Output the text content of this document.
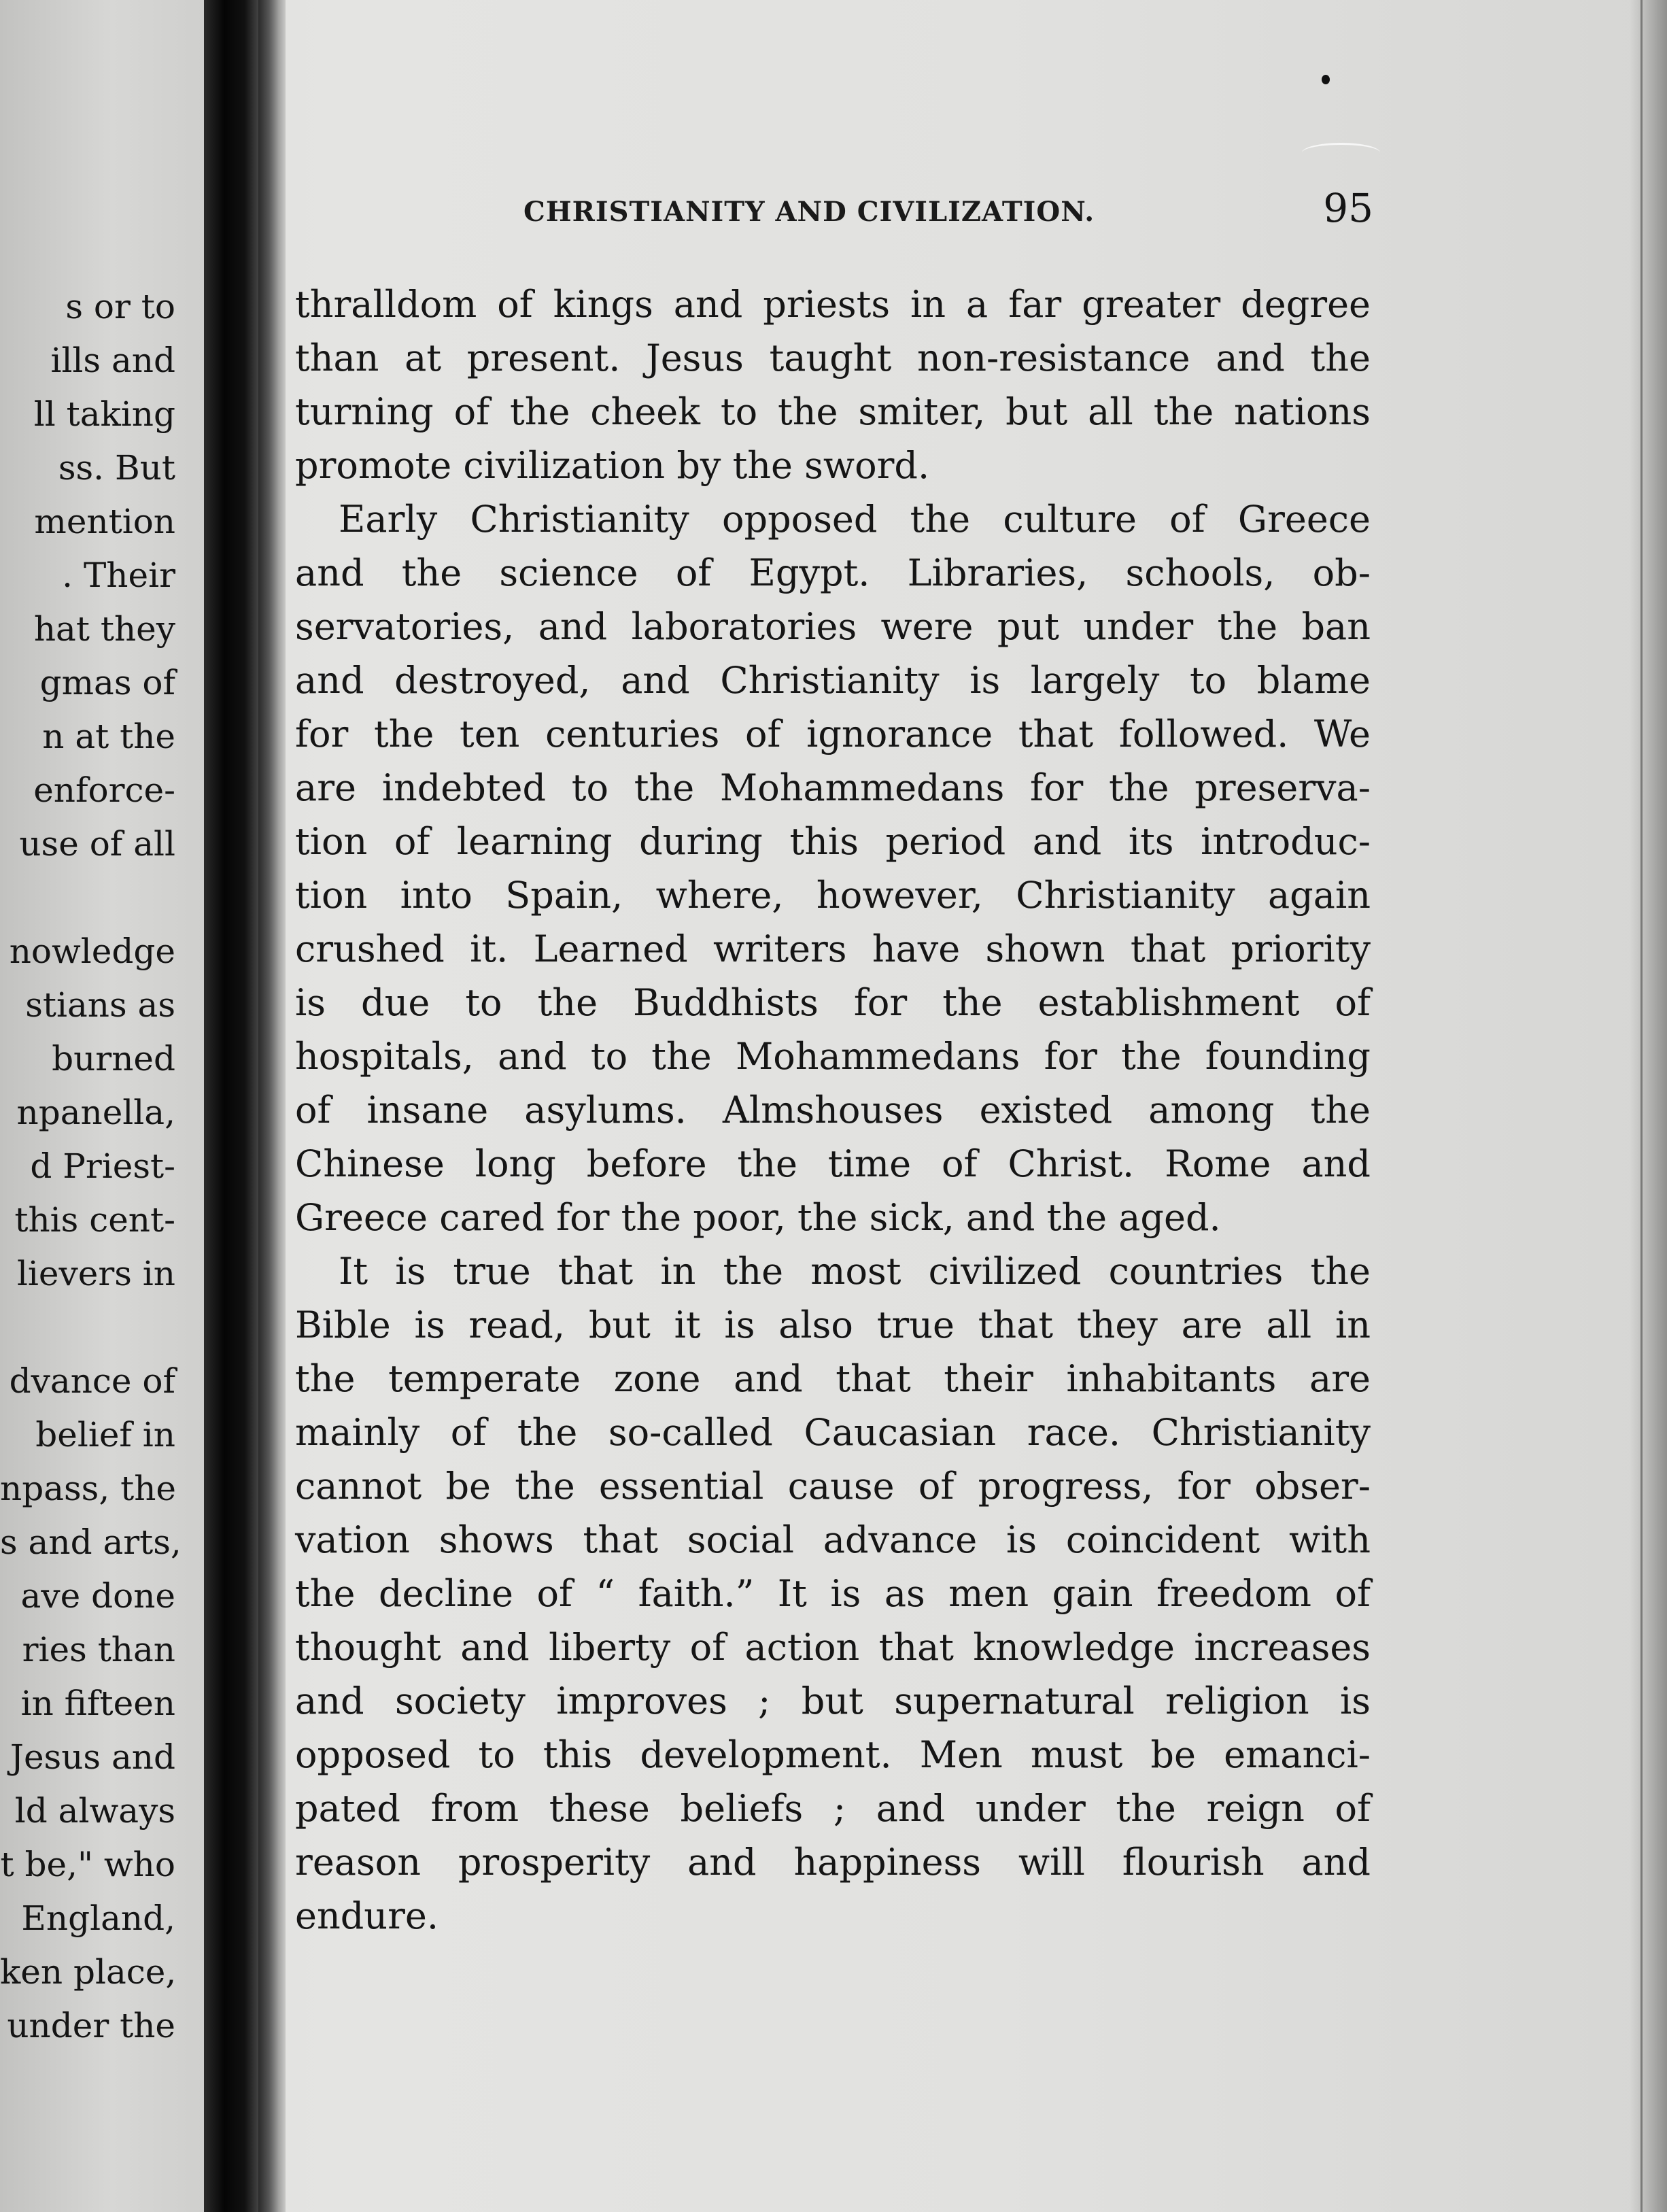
s or to
ills and
ll taking
ss. But
mention
. Their
hat they
gmas of
n at the
enforce-
use of all
nowledge
stians as
burned
npanella,
d Priest-
this cent-
lievers in
dvance of
belief in
npass, the
s and arts,
ave done
ries than
in fifteen
Jesus and
ld always
t be," who
England,
ken place,
under the
CHRISTIANITY AND CIVILIZATION.	95
thralldom of kings and priests in a far greater degree
than at present. Jesus taught non-resistance and the
turning of the cheek to the smiter, but all the nations
promote civilization by the sword.
Early Christianity opposed the culture of Greece
and the science of Egypt. Libraries, schools, ob-
servatories, and laboratories were put under the ban
and destroyed, and Christianity is largely to blame
for the ten centuries of ignorance that followed. We
are indebted to the Mohammedans for the preserva-
tion of learning during this period and its introduc-
tion into Spain, where, however, Christianity again
crushed it. Learned writers have shown that priority
is due to the Buddhists for the establishment of
hospitals, and to the Mohammedans for the founding
of insane asylums. Almshouses existed among the
Chinese long before the time of Christ. Rome and
Greece cared for the poor, the sick, and the aged.
It is true that in the most civilized countries the
Bible is read, but it is also true that they are all in
the temperate zone and that their inhabitants are
mainly of the so-called Caucasian race. Christianity
cannot be the essential cause of progress, for obser-
vation shows that social advance is coincident with
the decline of “ faith.” It is as men gain freedom of
thought and liberty of action that knowledge increases
and society improves ; but supernatural religion is
opposed to this development. Men must be emanci-
pated from these beliefs ; and under the reign of
reason prosperity and happiness will flourish and
endure.
